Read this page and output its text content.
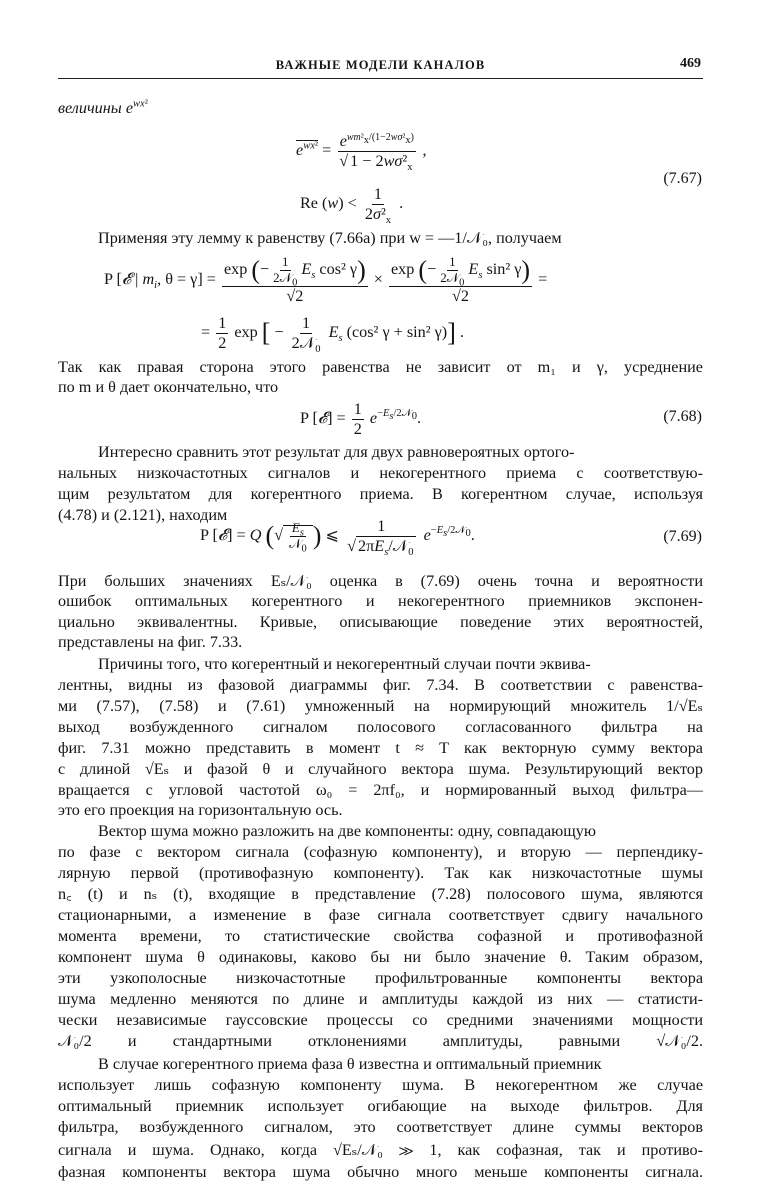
ВАЖНЫЕ МОДЕЛИ КАНАЛОВ	469
величины $e^{wx^2}$
$e^{wx^2} = \frac{e^{wm^2_x/(1-2w\sigma^2_x)}}{√ 1 - 2w\sigma^2_x}$ ,
Re $(w) < \frac{1}{2\sigma^2_x}$ .
(7.67)
Применяя эту лемму к равенству (7.66a) при w = —1/𝒩₀, получаем
P [𝓔 | $m_i$, $\theta = \gamma] = \frac{\exp (- \frac{1}{2𝒩_0} E_s \cos^2 \gamma)}{√2} \times \frac{\exp (- \frac{1}{2𝒩_0} E_s \sin^2 \gamma)}{√2}$ =
= $\frac{1}{2}$ exp [ − $\frac{1}{2𝒩_0} E_s$ (cos² γ + sin² γ)] .
Так как правая сторона этого равенства не зависит от m₁ и γ, усреднение
по m и θ дает окончательно, что
P [𝓔] = $\frac{1}{2} e^{-E_s/2𝒩_0}$.	(7.68)
Интересно сравнить этот результат для двух равновероятных ортого-
нальных низкочастотных сигналов и некогерентного приема с соответствую-
щим результатом для когерентного приема. В когерентном случае, используя
(4.78) и (2.121), находим
P [𝓔] = Q (√ $\frac{E_s}{𝒩_0}$ ) ⩽ $\frac{1}{√ 2\pi E_s/𝒩_0} e^{-E_s/2𝒩_0}$.	(7.69)
При больших значениях Eₛ/𝒩₀ оценка в (7.69) очень точна и вероятности
ошибок оптимальных когерентного и некогерентного приемников экспонен-
циально эквивалентны. Кривые, описывающие поведение этих вероятностей,
представлены на фиг. 7.33.
Причины того, что когерентный и некогерентный случаи почти эквива-
лентны, видны из фазовой диаграммы фиг. 7.34. В соответствии с равенства-
ми (7.57), (7.58) и (7.61) умноженный на нормирующий множитель 1/√Eₛ
выход возбужденного сигналом полосового согласованного фильтра на
фиг. 7.31 можно представить в момент t ≈ T как векторную сумму вектора
с длиной √Eₛ и фазой θ и случайного вектора шума. Результирующий вектор
вращается с угловой частотой ω₀ = 2πf₀, и нормированный выход фильтра—
это его проекция на горизонтальную ось.
Вектор шума можно разложить на две компоненты: одну, совпадающую
по фазе с вектором сигнала (софазную компоненту), и вторую — перпендику-
лярную первой (противофазную компоненту). Так как низкочастотные шумы
n꜀ (t) и nₛ (t), входящие в представление (7.28) полосового шума, являются
стационарными, а изменение в фазе сигнала соответствует сдвигу начального
момента времени, то статистические свойства софазной и противофазной
компонент шума θ одинаковы, каково бы ни было значение θ. Таким образом,
эти узкополосные низкочастотные профильтрованные компоненты вектора
шума медленно меняются по длине и амплитуды каждой из них — статисти-
чески независимые гауссовские процессы со средними значениями мощности
𝒩₀/2 и стандартными отклонениями амплитуды, равными √𝒩₀/2.
В случае когерентного приема фаза θ известна и оптимальный приемник
использует лишь софазную компоненту шума. В некогерентном же случае
оптимальный приемник использует огибающие на выходе фильтров. Для
фильтра, возбужденного сигналом, это соответствует длине суммы векторов
сигнала и шума. Однако, когда √Eₛ/𝒩₀ ≫ 1, как софазная, так и противо-
фазная компоненты вектора шума обычно много меньше компоненты сигнала.
